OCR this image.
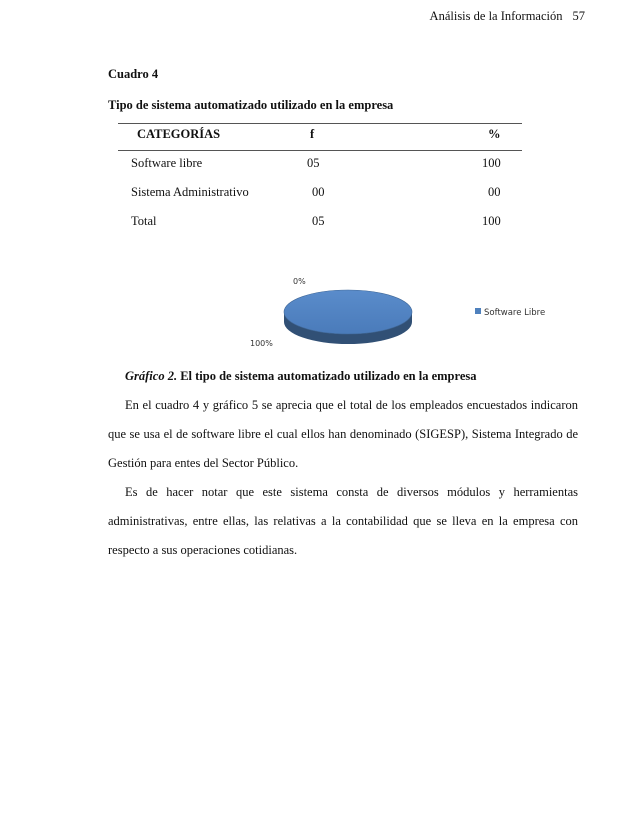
Análisis de la Información 57
Cuadro 4
Tipo de sistema automatizado utilizado en la empresa
CATEGORÍAS	f	%
Software libre	05	100
Sistema Administrativo	00	00
Total	05	100
100%
0%
Software Libre
Gráfico 2. El tipo de sistema automatizado utilizado en la empresa
En el cuadro 4 y gráfico 5 se aprecia que el total de los empleados encuestados indicaron
que se usa el de software libre el cual ellos han denominado (SIGESP), Sistema Integrado de
Gestión para entes del Sector Público.
Es de hacer notar que este sistema consta de diversos módulos y herramientas
administrativas, entre ellas, las relativas a la contabilidad que se lleva en la empresa con
respecto a sus operaciones cotidianas.
